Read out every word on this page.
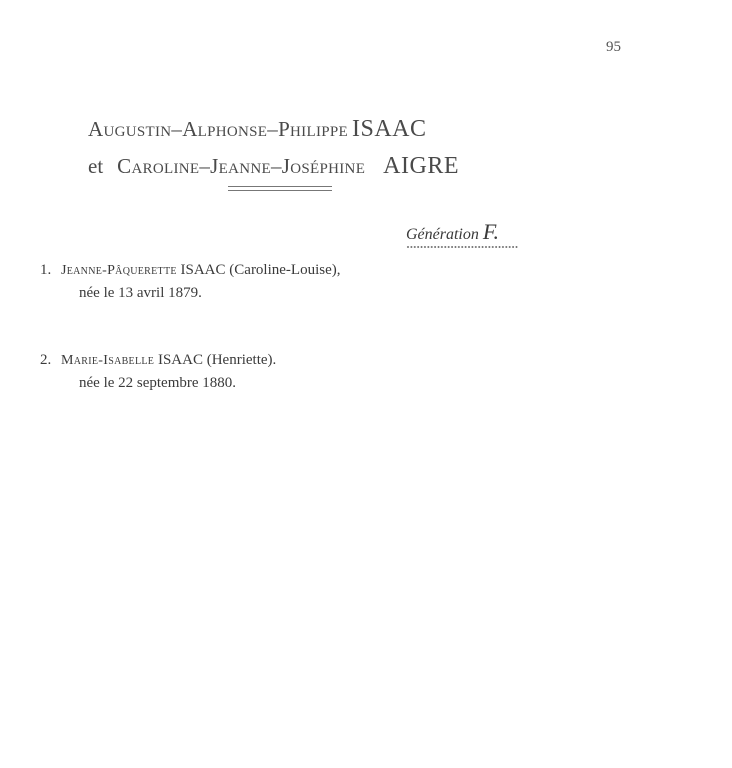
95
Augustin–Alphonse–Philippe ISAAC
et Caroline–Jeanne–Joséphine AIGRE
Génération F.
1. Jeanne-Pâquerette ISAAC (Caroline-Louise),
née le 13 avril 1879.
2. Marie-Isabelle ISAAC (Henriette).
née le 22 septembre 1880.
